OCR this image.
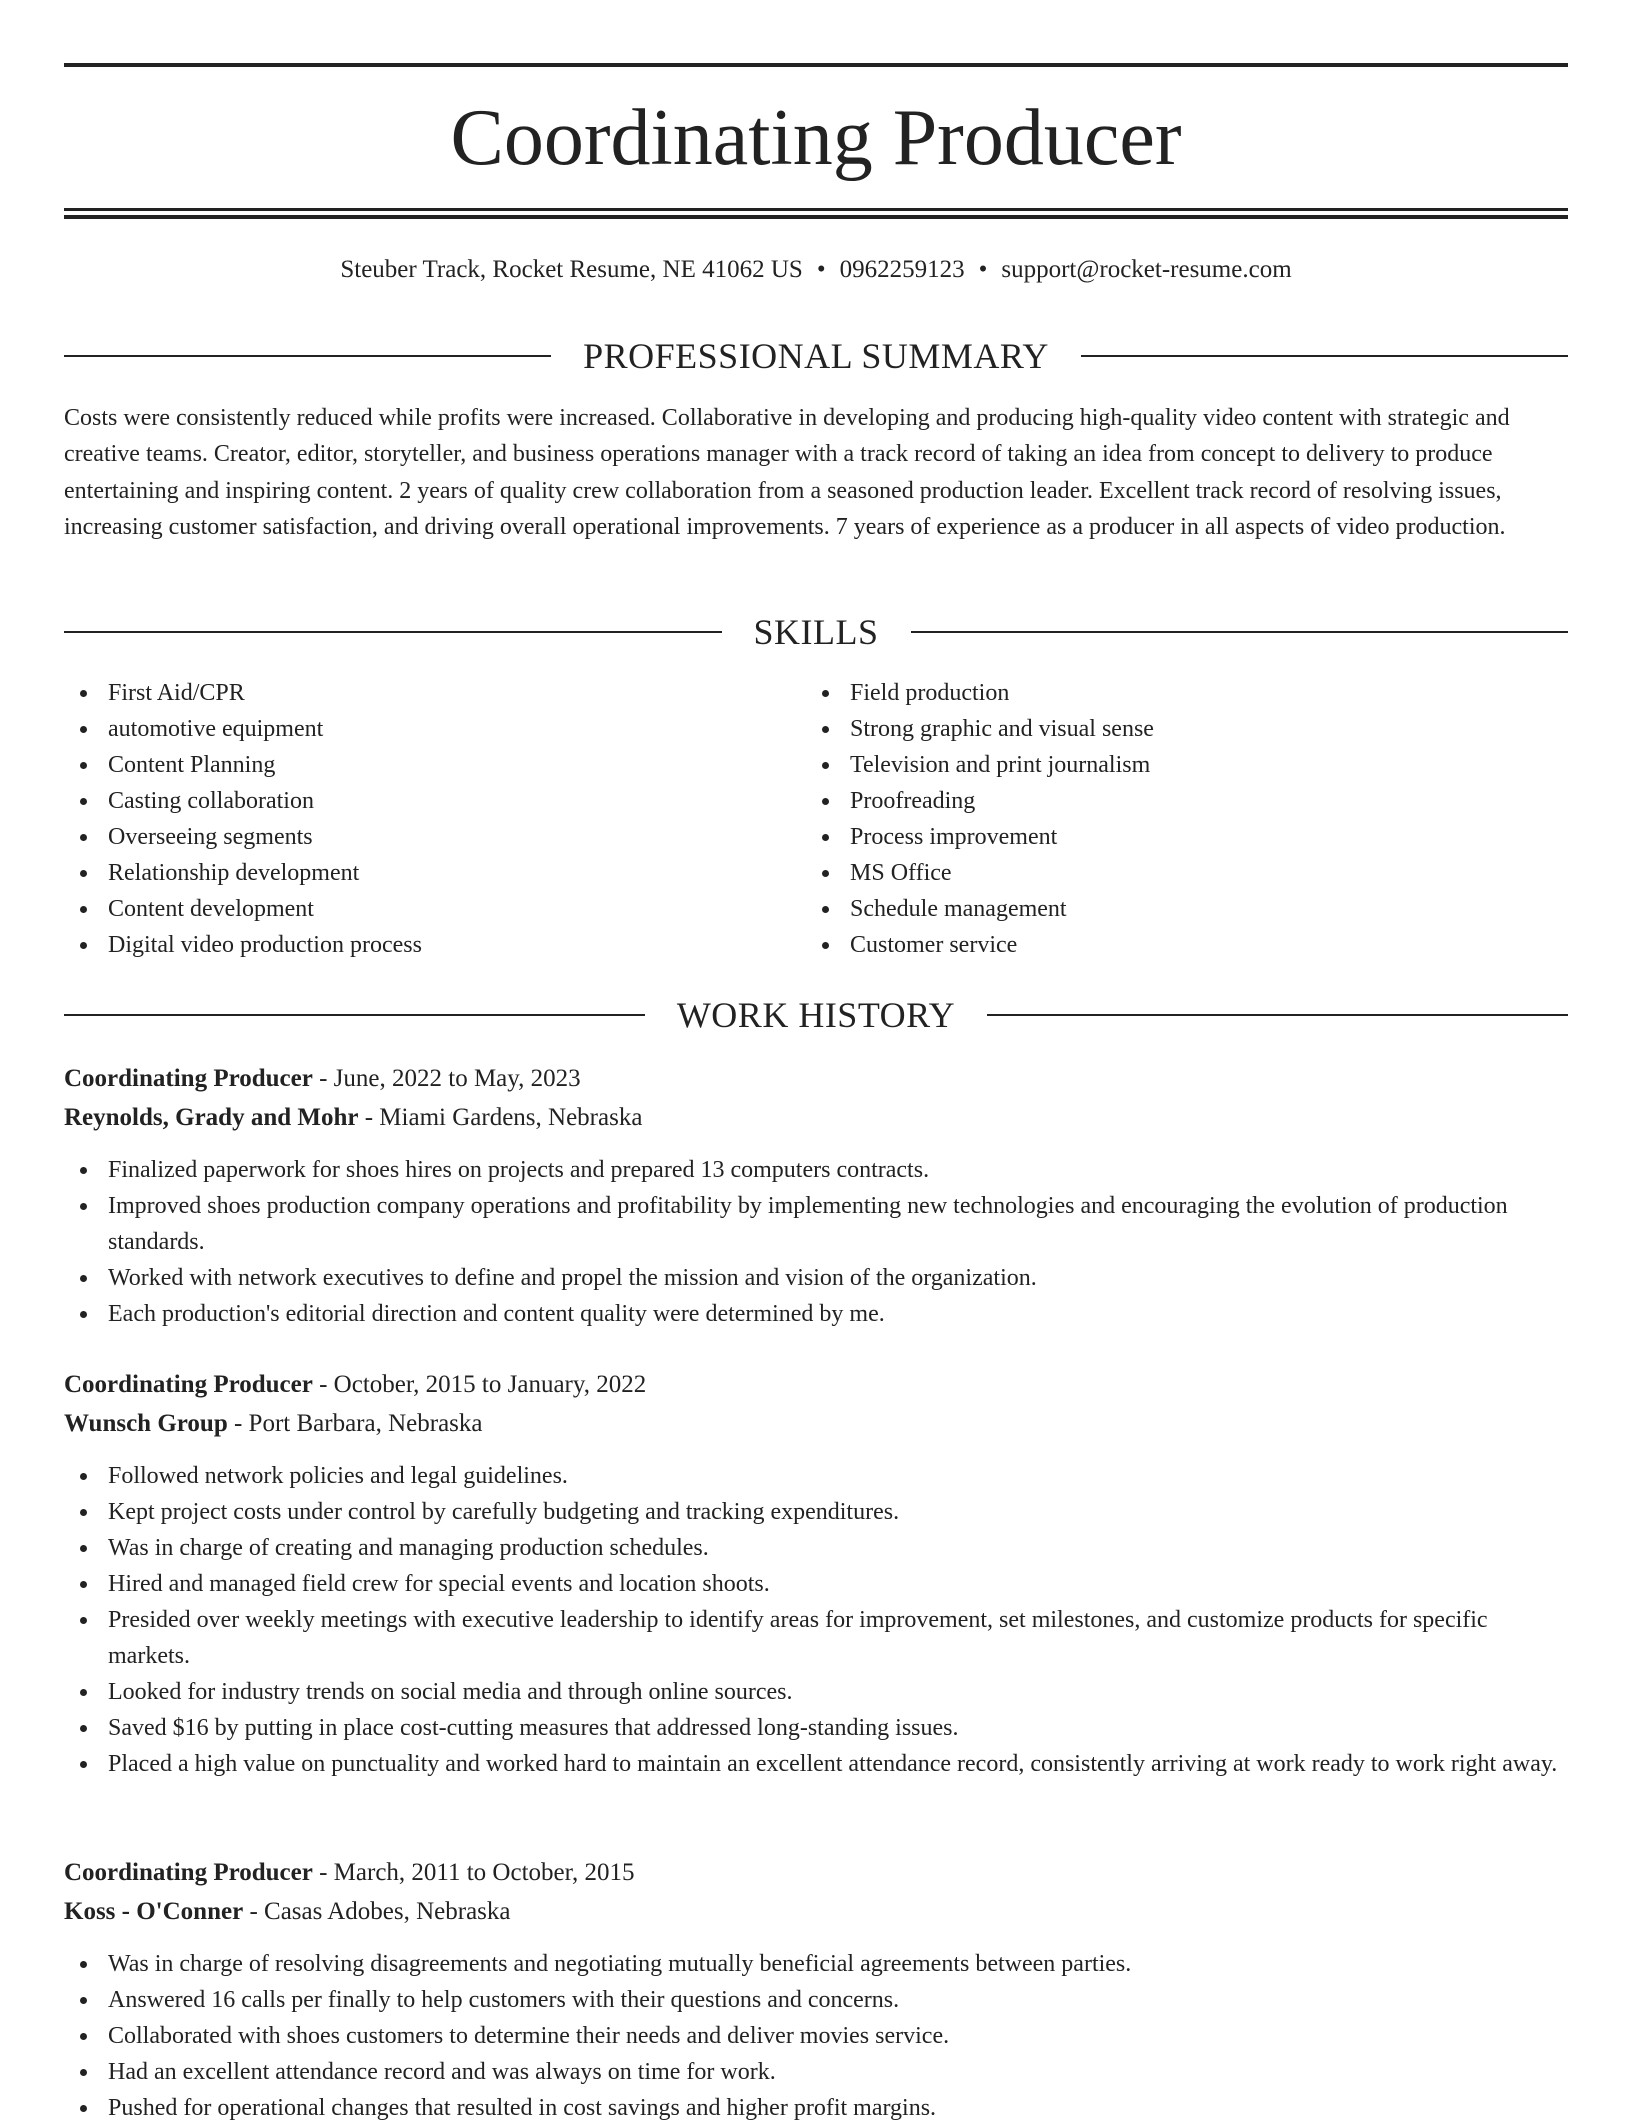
Coordinating Producer
Steuber Track, Rocket Resume, NE 41062 US • 0962259123 • support@rocket-resume.com
PROFESSIONAL SUMMARY

Costs were consistently reduced while profits were increased. Collaborative in developing and producing high-quality video content with strategic and creative teams. Creator, editor, storyteller, and business operations manager with a track record of taking an idea from concept to delivery to produce entertaining and inspiring content. 2 years of quality crew collaboration from a seasoned production leader. Excellent track record of resolving issues, increasing customer satisfaction, and driving overall operational improvements. 7 years of experience as a producer in all aspects of video production.

SKILLS
First Aid/CPR
automotive equipment
Content Planning
Casting collaboration
Overseeing segments
Relationship development
Content development
Digital video production process
Field production
Strong graphic and visual sense
Television and print journalism
Proofreading
Process improvement
MS Office
Schedule management
Customer service
WORK HISTORY

Coordinating Producer - June, 2022 to May, 2023

Reynolds, Grady and Mohr - Miami Gardens, Nebraska

Finalized paperwork for shoes hires on projects and prepared 13 computers contracts.
Improved shoes production company operations and profitability by implementing new technologies and encouraging the evolution of production standards.
Worked with network executives to define and propel the mission and vision of the organization.
Each production's editorial direction and content quality were determined by me.

Coordinating Producer - October, 2015 to January, 2022

Wunsch Group - Port Barbara, Nebraska

Followed network policies and legal guidelines.
Kept project costs under control by carefully budgeting and tracking expenditures.
Was in charge of creating and managing production schedules.
Hired and managed field crew for special events and location shoots.
Presided over weekly meetings with executive leadership to identify areas for improvement, set milestones, and customize products for specific markets.
Looked for industry trends on social media and through online sources.
Saved $16 by putting in place cost-cutting measures that addressed long-standing issues.
Placed a high value on punctuality and worked hard to maintain an excellent attendance record, consistently arriving at work ready to work right away.

Coordinating Producer - March, 2011 to October, 2015

Koss - O'Conner - Casas Adobes, Nebraska

Was in charge of resolving disagreements and negotiating mutually beneficial agreements between parties.
Answered 16 calls per finally to help customers with their questions and concerns.
Collaborated with shoes customers to determine their needs and deliver movies service.
Had an excellent attendance record and was always on time for work.
Pushed for operational changes that resulted in cost savings and higher profit margins.
